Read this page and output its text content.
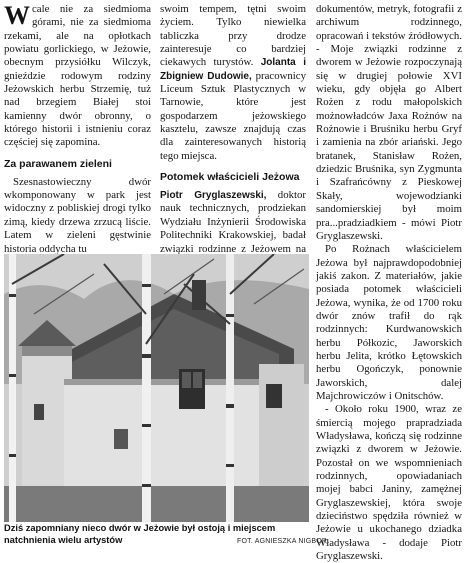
Wcale nie za siedmioma górami, nie za siedmioma rzekami, ale na opłotkach powiatu gorlickiego, w Jeżowie, obecnym przysiółku Wilczyk, gnieździe rodowym rodziny Jeżowskich herbu Strzemię, tuż nad brzegiem Białej stoi kamienny dwór obronny, o którego historii i istnieniu coraz częściej się zapomina.

Za parawanem zieleni

Szesnastowieczny dwór wkomponowany w park jest widoczny z pobliskiej drogi tylko zimą, kiedy drzewa zrzucą liście. Latem w zieleni gęstwinie historia oddycha tu

swoim tempem, tętni swoim życiem. Tylko niewielka tabliczka przy drodze zainteresuje co bardziej ciekawych turystów. Jolanta i Zbigniew Dudowie, pracownicy Liceum Sztuk Plastycznych w Tarnowie, które jest gospodarzem jeżowskiego kasztelu, zawsze znajdują czas dla zainteresowanych historią tego miejsca.

Potomek właścicieli Jeżowa

Piotr Gryglaszewski, doktor nauk technicznych, prodziekan Wydziału Inżynierii Środowiska Politechniki Krakowskiej, badał związki rodzinne z Jeżowem na

dokumentów, metryk, fotografii z archiwum rodzinnego, opracowań i tekstów źródłowych. - Moje związki rodzinne z dworem w Jeżowie rozpoczynają się w drugiej połowie XVI wieku, gdy objęła go Albert Rożen z rodu małopolskich możnowładców Jaxa Rożnów na Rożnowie i Bruśniku herbu Gryf i zamienia na zbór ariański. Jego bratanek, Stanisław Rożen, dziedzic Bruśnika, syn Zygmunta i Szafrańcówny z Pieskowej Skały, wojewodzianki sandomierskiej był moim pra...pradziadkiem - mówi Piotr Gryglaszewski.

Po Rożnach właścicielem Jeżowa był najprawdopodobniej jakiś zakon. Z materiałów, jakie posiada potomek właścicieli Jeżowa, wynika, że od 1700 roku dwór znów trafił do rąk rodzinnych: Kurdwanowskich herbu Półkozic, Jaworskich herbu Jelita, krótko Łętowskich herbu Ogończyk, ponownie Jaworskich, dalej Majchrowiczów i Onitschów.

- Około roku 1900, wraz ze śmiercią mojego prapradziada Władysława, kończą się rodzinne związki z dworem w Jeżowie. Pozostał on we wspomnieniach rodzinnych, opowiadaniach mojej babci Janiny, zamężnej Gryglaszewskiej, która swoje dzieciństwo spędziła również w Jeżowie u ukochanego dziadka Władysława - dodaje Piotr Gryglaszewski.

Dziś zapomniany nieco dwór w Jeżowie był ostoją i miejscem natchnienia wielu artystów	FOT. AGNIESZKA NIGBOR
